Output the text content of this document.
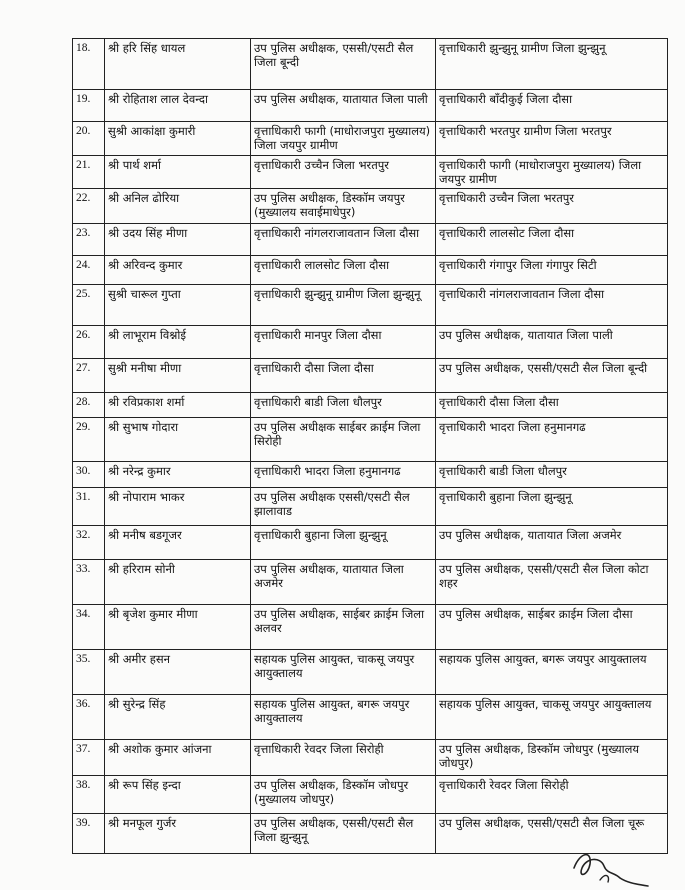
18.	श्री हरि सिंह धायल	उप पुलिस अधीक्षक, एससी/एसटी सैल जिला बून्दी	वृत्ताधिकारी झुन्झुनू ग्रामीण जिला झुन्झुनू
19.	श्री रोहिताश लाल देवन्दा	उप पुलिस अधीक्षक, यातायात जिला पाली	वृत्ताधिकारी बाँदीकुई जिला दौसा
20.	सुश्री आकांक्षा कुमारी	वृत्ताधिकारी फागी (माधोराजपुरा मुख्यालय) जिला जयपुर ग्रामीण	वृत्ताधिकारी भरतपुर ग्रामीण जिला भरतपुर
21.	श्री पार्थ शर्मा	वृत्ताधिकारी उच्चैन जिला भरतपुर	वृत्ताधिकारी फागी (माधोराजपुरा मुख्यालय) जिला जयपुर ग्रामीण
22.	श्री अनिल ढोरिया	उप पुलिस अधीक्षक, डिस्कॉम जयपुर (मुख्यालय सवाईमाधेपुर)	वृत्ताधिकारी उच्चैन जिला भरतपुर
23.	श्री उदय सिंह मीणा	वृत्ताधिकारी नांगलराजावतान जिला दौसा	वृत्ताधिकारी लालसोट जिला दौसा
24.	श्री अरिवन्द कुमार	वृत्ताधिकारी लालसोट जिला दौसा	वृत्ताधिकारी गंगापुर जिला गंगापुर सिटी
25.	सुश्री चारूल गुप्ता	वृत्ताधिकारी झुन्झुनू ग्रामीण जिला झुन्झुनू	वृत्ताधिकारी नांगलराजावतान जिला दौसा
26.	श्री लाभूराम विश्नोई	वृत्ताधिकारी मानपुर जिला दौसा	उप पुलिस अधीक्षक, यातायात जिला पाली
27.	सुश्री मनीषा मीणा	वृत्ताधिकारी दौसा जिला दौसा	उप पुलिस अधीक्षक, एससी/एसटी सैल जिला बून्दी
28.	श्री रविप्रकाश शर्मा	वृत्ताधिकारी बाडी जिला धौलपुर	वृत्ताधिकारी दौसा जिला दौसा
29.	श्री सुभाष गोदारा	उप पुलिस अधीक्षक साईबर क्राईम जिला सिरोही	वृत्ताधिकारी भादरा जिला हनुमानगढ
30.	श्री नरेन्द्र कुमार	वृत्ताधिकारी भादरा जिला हनुमानगढ	वृत्ताधिकारी बाडी जिला धौलपुर
31.	श्री नोपाराम भाकर	उप पुलिस अधीक्षक एससी/एसटी सैल झालावाड	वृत्ताधिकारी बुहाना जिला झुन्झुनू
32.	श्री मनीष बडगूजर	वृत्ताधिकारी बुहाना जिला झुन्झुनू	उप पुलिस अधीक्षक, यातायात जिला अजमेर
33.	श्री हरिराम सोनी	उप पुलिस अधीक्षक, यातायात जिला अजमेर	उप पुलिस अधीक्षक, एससी/एसटी सैल जिला कोटा शहर
34.	श्री बृजेश कुमार मीणा	उप पुलिस अधीक्षक, साईबर क्राईम जिला अलवर	उप पुलिस अधीक्षक, साईबर क्राईम जिला दौसा
35.	श्री अमीर हसन	सहायक पुलिस आयुक्त, चाकसू जयपुर आयुक्तालय	सहायक पुलिस आयुक्त, बगरू जयपुर आयुक्तालय
36.	श्री सुरेन्द्र सिंह	सहायक पुलिस आयुक्त, बगरू जयपुर आयुक्तालय	सहायक पुलिस आयुक्त, चाकसू जयपुर आयुक्तालय
37.	श्री अशोक कुमार आंजना	वृत्ताधिकारी रेवदर जिला सिरोही	उप पुलिस अधीक्षक, डिस्कॉम जोधपुर (मुख्यालय जोधपुर)
38.	श्री रूप सिंह इन्दा	उप पुलिस अधीक्षक, डिस्कॉम जोधपुर (मुख्यालय जोधपुर)	वृत्ताधिकारी रेवदर जिला सिरोही
39.	श्री मनफूल गुर्जर	उप पुलिस अधीक्षक, एससी/एसटी सैल जिला झुन्झुनू	उप पुलिस अधीक्षक, एससी/एसटी सैल जिला चूरू
